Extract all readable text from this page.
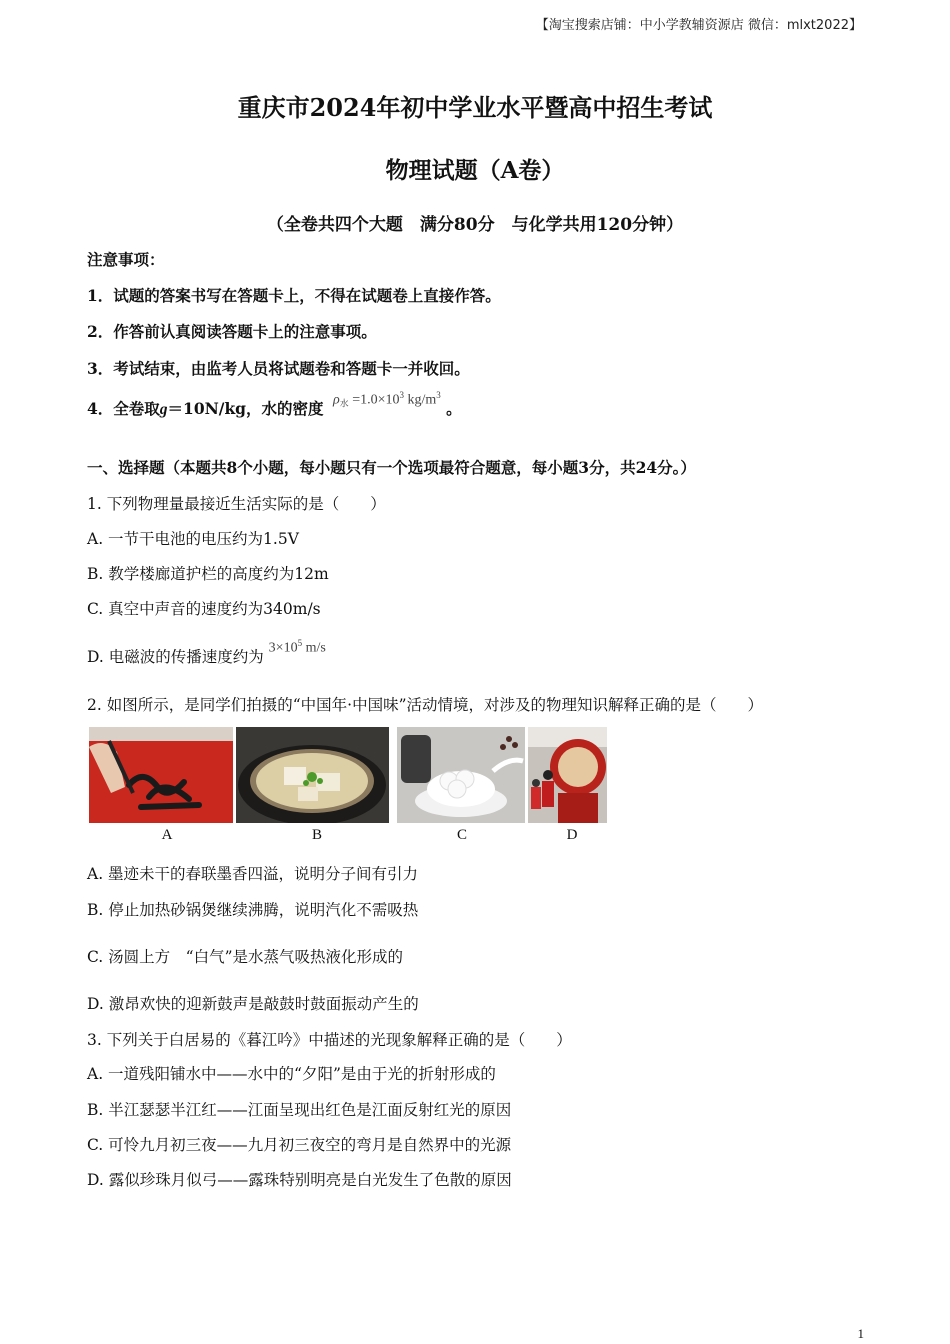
【淘宝搜索店铺：中小学教辅资源店 微信：mlxt2022】
重庆市2024年初中学业水平暨高中招生考试
物理试题（A卷）
（全卷共四个大题　满分80分　与化学共用120分钟）
注意事项：
1．试题的答案书写在答题卡上，不得在试题卷上直接作答。
2．作答前认真阅读答题卡上的注意事项。
3．考试结束，由监考人员将试题卷和答题卡一并收回。
4．全卷取g＝10N/kg，水的密度 $\rho_水 =1.0\times 10^3$ $kg/m^3$ 。
一、选择题（本题共8个小题，每小题只有一个选项最符合题意，每小题3分，共24分。）
1. 下列物理量最接近生活实际的是（　　）
A. 一节干电池的电压约为1.5V
B. 教学楼廊道护栏的高度约为12m
C. 真空中声音的速度约为340m/s
D. 电磁波的传播速度约为 $3\times 10^5$ m/s
2. 如图所示，是同学们拍摄的“中国年·中国味”活动情境，对涉及的物理知识解释正确的是（　　）
A	B	C	D
A. 墨迹未干的春联墨香四溢，说明分子间有引力
B. 停止加热砂锅煲继续沸腾，说明汽化不需吸热
C. 汤圆上方　“白气”是水蒸气吸热液化形成的
D. 激昂欢快的迎新鼓声是敲鼓时鼓面振动产生的
3. 下列关于白居易的《暮江吟》中描述的光现象解释正确的是（　　）
A. 一道残阳铺水中——水中的“夕阳”是由于光的折射形成的
B. 半江瑟瑟半江红——江面呈现出红色是江面反射红光的原因
C. 可怜九月初三夜——九月初三夜空的弯月是自然界中的光源
D. 露似珍珠月似弓——露珠特别明亮是白光发生了色散的原因
1
